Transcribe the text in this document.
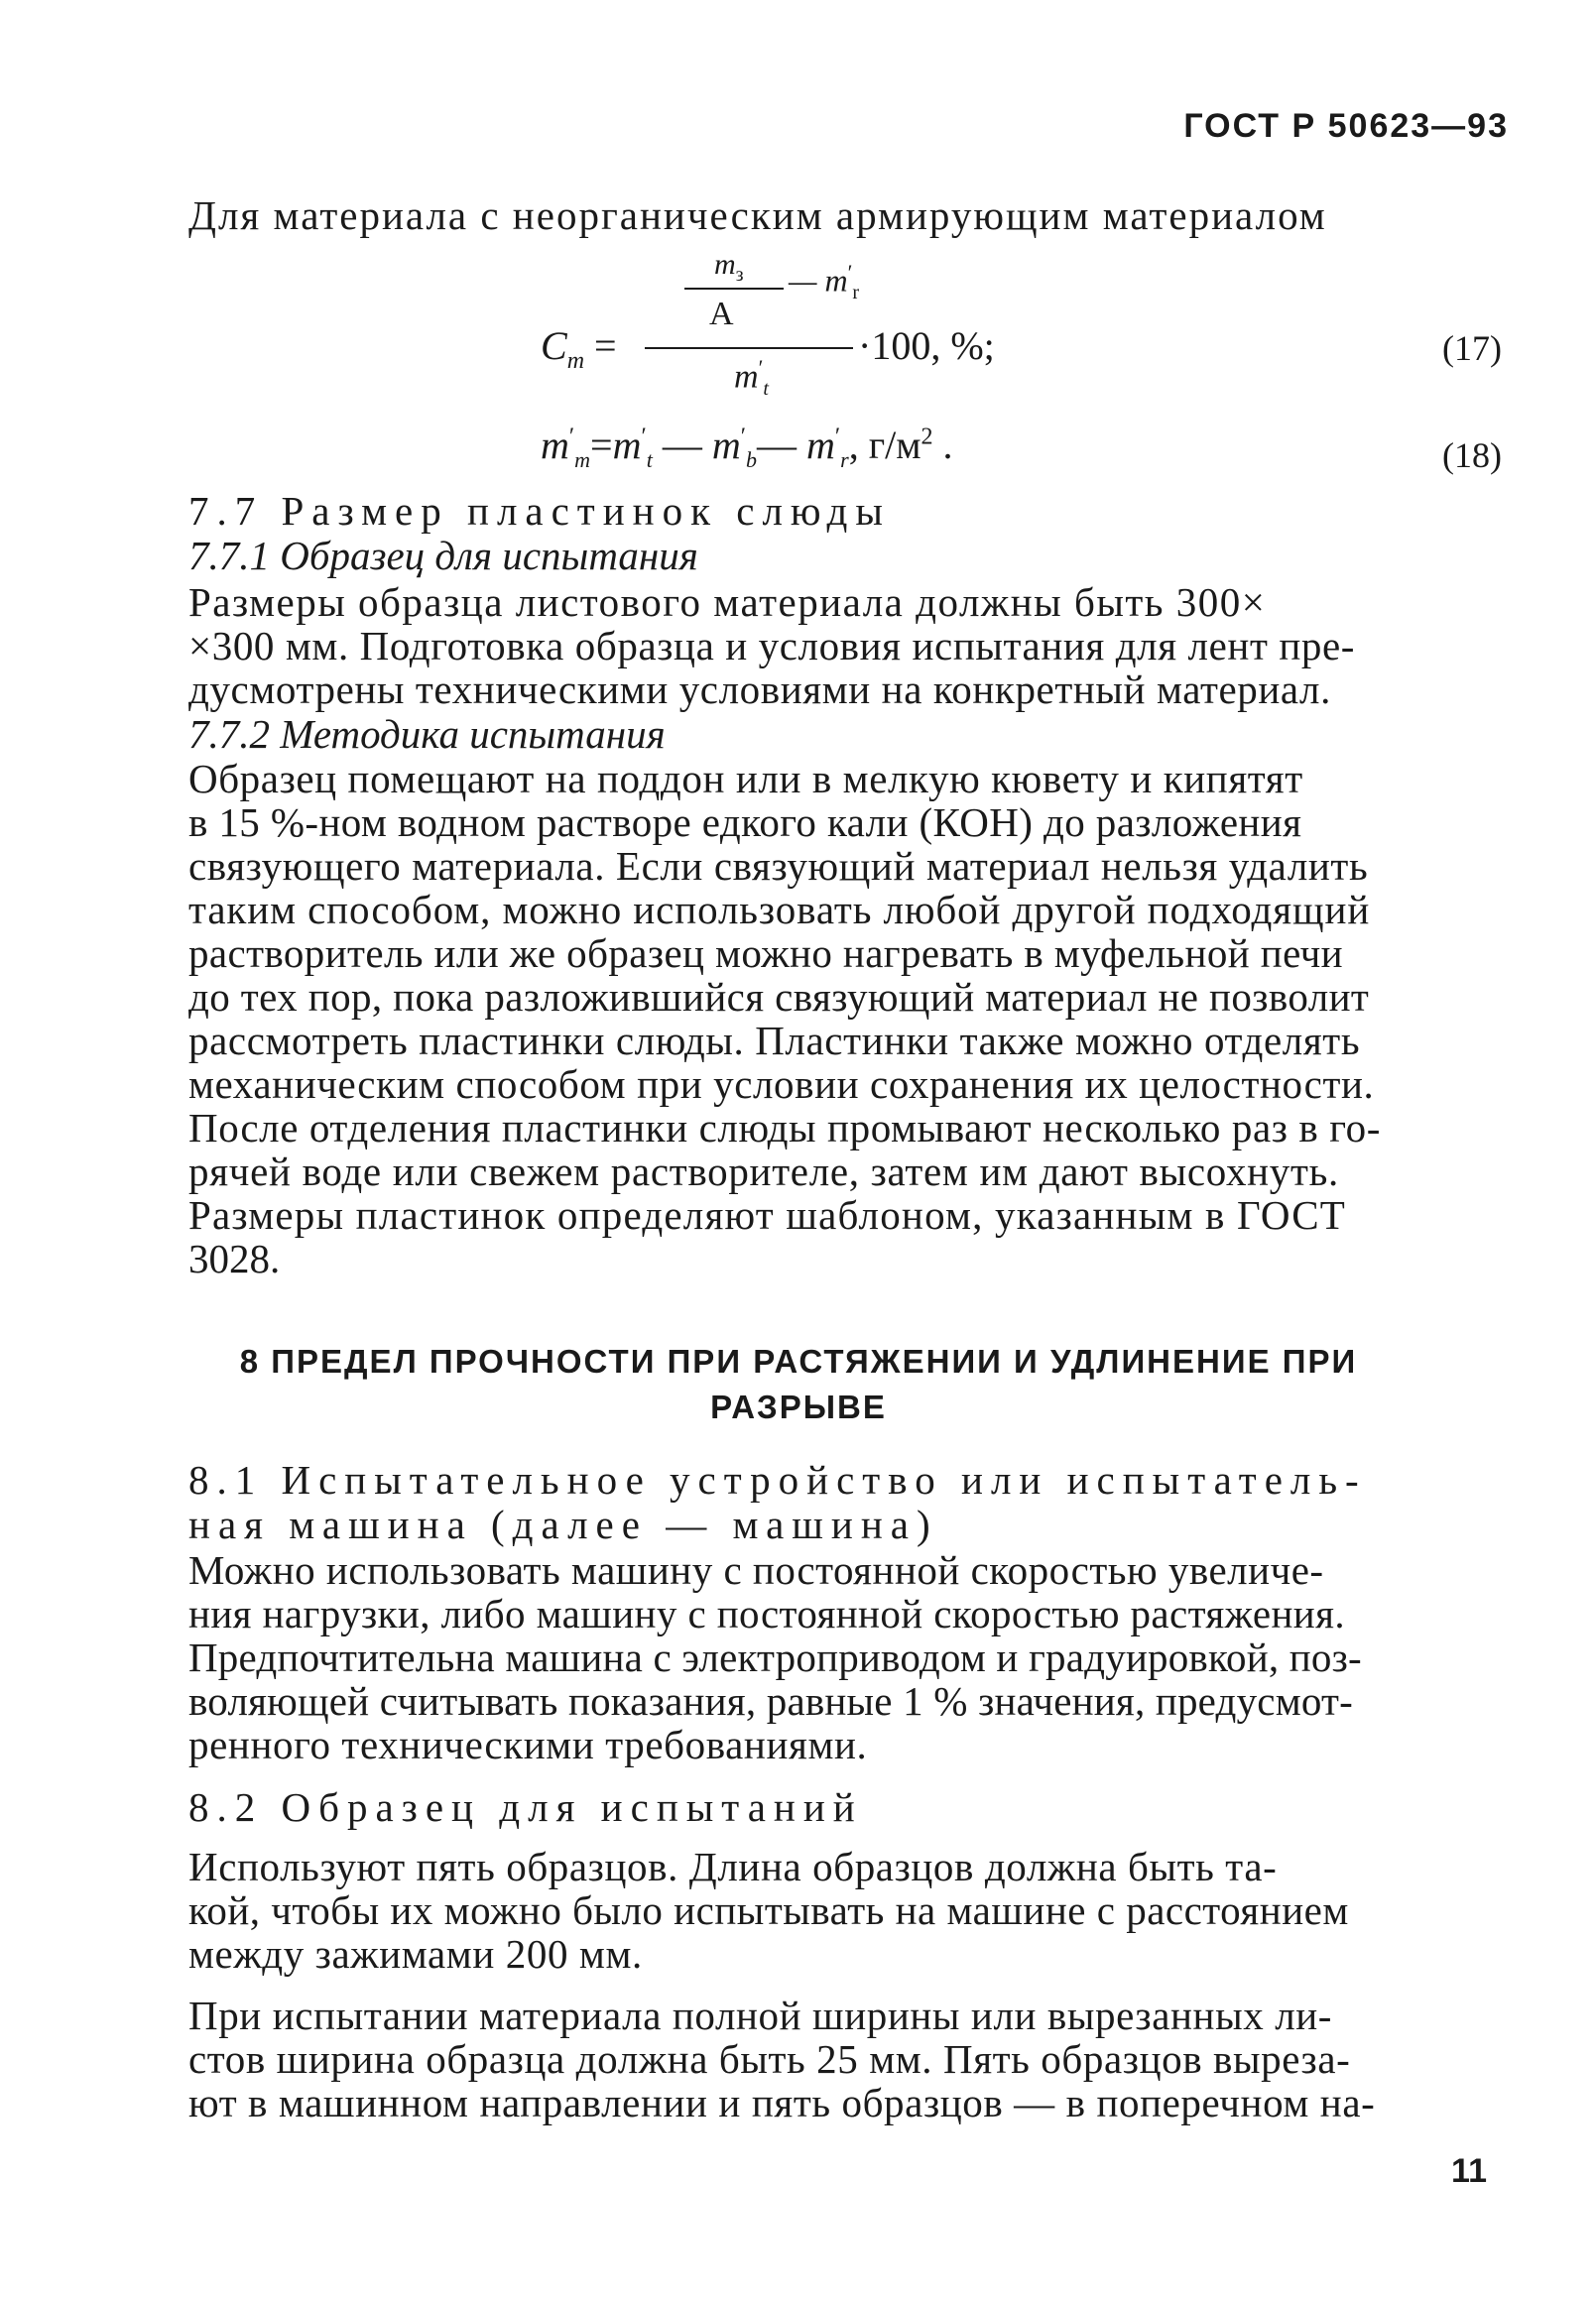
ГОСТ Р 50623—93
Для материала с неорганическим армирующим материалом
$m_з$
A
— $m'_r$
$C_m$ =
$m'_t$
·100, %;	(17)
$m'_m=m'_t$ — $m'_b—$ $m'_r$, $г/м^2$ .	(18)
7.7 Размер пластинок слюды
7.7.1 Образец для испытания
Размеры образца листового материала должны быть 300×
×300 мм. Подготовка образца и условия испытания для лент пре-
дусмотрены техническими условиями на конкретный материал.
7.7.2 Методика испытания
Образец помещают на поддон или в мелкую кювету и кипятят
в 15 %-ном водном растворе едкого кали (КОН) до разложения
связующего материала. Если связующий материал нельзя удалить
таким способом, можно использовать любой другой подходящий
растворитель или же образец можно нагревать в муфельной печи
до тех пор, пока разложившийся связующий материал не позволит
рассмотреть пластинки слюды. Пластинки также можно отделять
механическим способом при условии сохранения их целостности.
После отделения пластинки слюды промывают несколько раз в го-
рячей воде или свежем растворителе, затем им дают высохнуть.
Размеры пластинок определяют шаблоном, указанным в ГОСТ
3028.
8 ПРЕДЕЛ ПРОЧНОСТИ ПРИ РАСТЯЖЕНИИ И УДЛИНЕНИЕ ПРИ
РАЗРЫВЕ
8.1 Испытательное устройство или испытатель-
ная машина (далее — машина)
Можно использовать машину с постоянной скоростью увеличе-
ния нагрузки, либо машину с постоянной скоростью растяжения.
Предпочтительна машина с электроприводом и градуировкой, поз-
воляющей считывать показания, равные 1 % значения, предусмот-
ренного техническими требованиями.
8.2 Образец для испытаний
Используют пять образцов. Длина образцов должна быть та-
кой, чтобы их можно было испытывать на машине с расстоянием
между зажимами 200 мм.
При испытании материала полной ширины или вырезанных ли-
стов ширина образца должна быть 25 мм. Пять образцов выреза-
ют в машинном направлении и пять образцов — в поперечном на-
11
